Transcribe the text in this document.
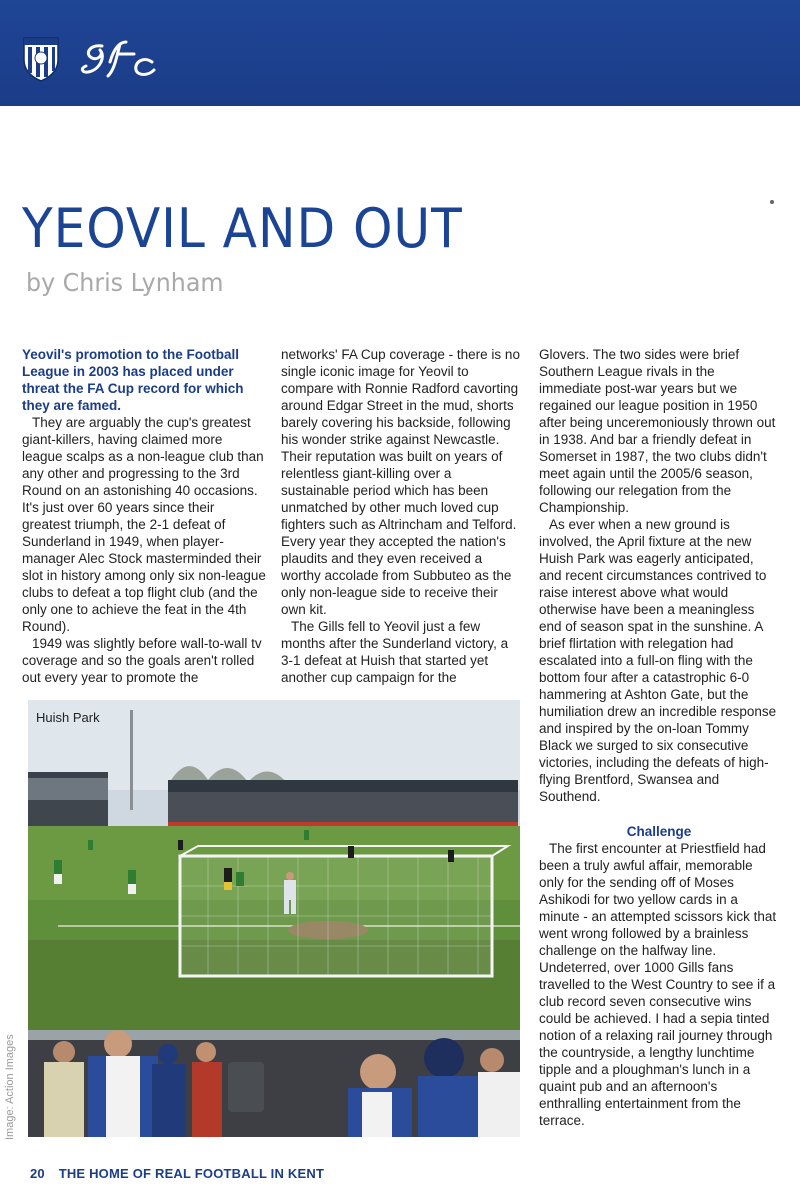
YEOVIL AND OUT
by Chris Lynham

Yeovil's promotion to the Football League in 2003 has placed under threat the FA Cup record for which they are famed.

They are arguably the cup's greatest giant-killers, having claimed more league scalps as a non-league club than any other and progressing to the 3rd Round on an astonishing 40 occasions. It's just over 60 years since their greatest triumph, the 2-1 defeat of Sunderland in 1949, when player-manager Alec Stock masterminded their slot in history among only six non-league clubs to defeat a top flight club (and the only one to achieve the feat in the 4th Round).

1949 was slightly before wall-to-wall tv coverage and so the goals aren't rolled out every year to promote the

networks' FA Cup coverage - there is no single iconic image for Yeovil to compare with Ronnie Radford cavorting around Edgar Street in the mud, shorts barely covering his backside, following his wonder strike against Newcastle. Their reputation was built on years of relentless giant-killing over a sustainable period which has been unmatched by other much loved cup fighters such as Altrincham and Telford. Every year they accepted the nation's plaudits and they even received a worthy accolade from Subbuteo as the only non-league side to receive their own kit.

The Gills fell to Yeovil just a few months after the Sunderland victory, a 3-1 defeat at Huish that started yet another cup campaign for the

Glovers. The two sides were brief Southern League rivals in the immediate post-war years but we regained our league position in 1950 after being unceremoniously thrown out in 1938. And bar a friendly defeat in Somerset in 1987, the two clubs didn't meet again until the 2005/6 season, following our relegation from the Championship.

As ever when a new ground is involved, the April fixture at the new Huish Park was eagerly anticipated, and recent circumstances contrived to raise interest above what would otherwise have been a meaningless end of season spat in the sunshine. A brief flirtation with relegation had escalated into a full-on fling with the bottom four after a catastrophic 6-0 hammering at Ashton Gate, but the humiliation drew an incredible response and inspired by the on-loan Tommy Black we surged to six consecutive victories, including the defeats of high-flying Brentford, Swansea and Southend.

Challenge

The first encounter at Priestfield had been a truly awful affair, memorable only for the sending off of Moses Ashikodi for two yellow cards in a minute - an attempted scissors kick that went wrong followed by a brainless challenge on the halfway line. Undeterred, over 1000 Gills fans travelled to the West Country to see if a club record seven consecutive wins could be achieved. I had a sepia tinted notion of a relaxing rail journey through the countryside, a lengthy lunchtime tipple and a ploughman's lunch in a quaint pub and an afternoon's enthralling entertainment from the terrace.

Huish Park
Image: Action Images
20 THE HOME OF REAL FOOTBALL IN KENT
